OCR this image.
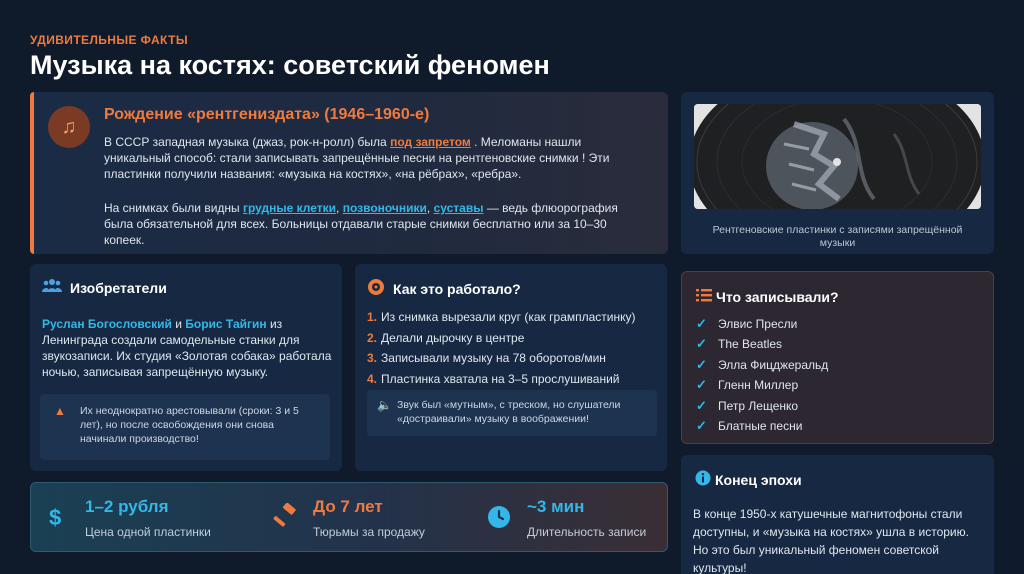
УДИВИТЕЛЬНЫЕ ФАКТЫ
Музыка на костях: советский феномен
♫
Рождение «рентгениздата» (1946–1960-е)

В СССР западная музыка (джаз, рок-н-ролл) была под запретом . Меломаны нашли уникальный способ: стали записывать запрещённые песни на рентгеновские снимки ! Эти пластинки получили названия: «музыка на костях», «на рёбрах», «ребра».

На снимках были видны грудные клетки, позвоночники, суставы — ведь флюорография была обязательной для всех. Больницы отдавали старые снимки бесплатно или за 10–30 копеек.

Рентгеновские пластинки с записями запрещённой музыки
Изобретатели
Руслан Богословский и Борис Тайгин из Ленинграда создали самодельные станки для звукозаписи. Их студия «Золотая собака» работала ночью, записывая запрещённую музыку.
▲ Их неоднократно арестовывали (сроки: 3 и 5 лет), но после освобождения они снова начинали производство!
Как это работало?
1. Из снимка вырезали круг (как грампластинку)
2. Делали дырочку в центре
3. Записывали музыку на 78 оборотов/мин
4. Пластинка хватала на 3–5 прослушиваний
🔈 Звук был «мутным», с треском, но слушатели «достраивали» музыку в воображении!
Что записывали?
✓ Элвис Пресли
✓ The Beatles
✓ Элла Фицджеральд
✓ Гленн Миллер
✓ Петр Лещенко
✓ Блатные песни
Конец эпохи

В конце 1950-х катушечные магнитофоны стали доступны, и «музыка на костях» ушла в историю. Но это был уникальный феномен советской культуры!

$ 1–2 рубля
Цена одной пластинки
До 7 лет
Тюрьмы за продажу
~3 мин
Длительность записи
